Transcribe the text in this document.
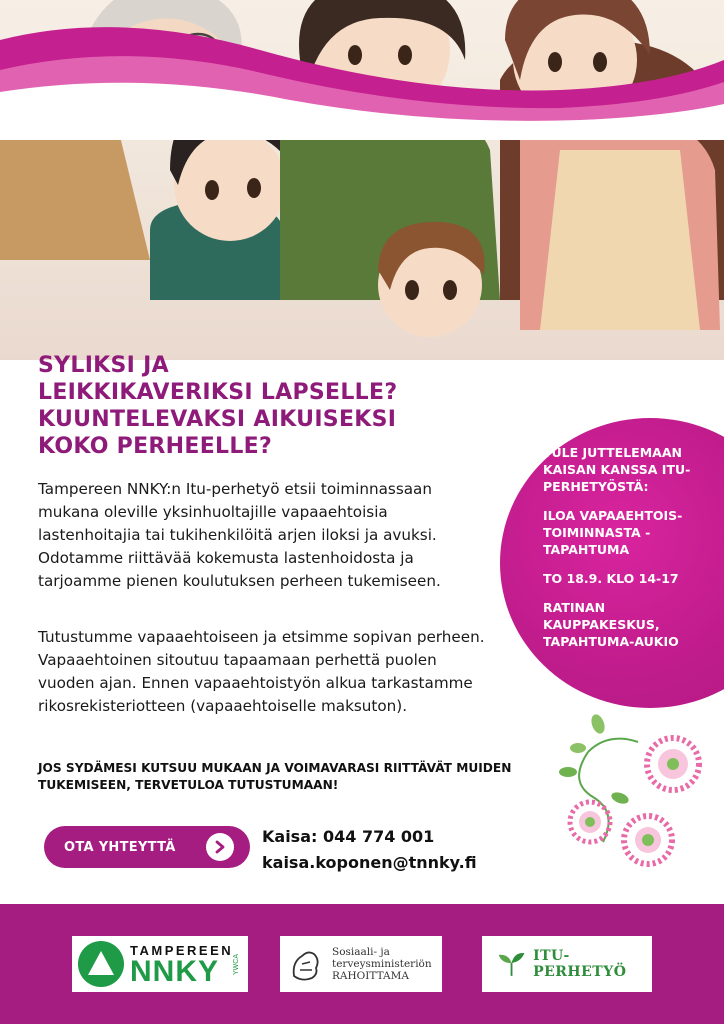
SYLIKSI JA
LEIKKIKAVERIKSI LAPSELLE?
KUUNTELEVAKSI AIKUISEKSI
KOKO PERHEELLE?

Tampereen NNKY:n Itu-perhetyö etsii toiminnassaan mukana oleville yksinhuoltajille vapaaehtoisia lastenhoitajia tai tukihenkilöitä arjen iloksi ja avuksi. Odotamme riittävää kokemusta lastenhoidosta ja tarjoamme pienen koulutuksen perheen tukemiseen.

Tutustumme vapaaehtoiseen ja etsimme sopivan perheen. Vapaaehtoinen sitoutuu tapaamaan perhettä puolen vuoden ajan. Ennen vapaaehtoistyön alkua tarkastamme rikosrekisteriotteen (vapaaehtoiselle maksuton).

JOS SYDÄMESI KUTSUU MUKAAN JA VOIMAVARASI RIITTÄVÄT MUIDEN TUKEMISEEN, TERVETULOA TUTUSTUMAAN!

TULE JUTTELEMAAN KAISAN KANSSA ITU-PERHETYÖSTÄ:
ILOA VAPAAEHTOIS- TOIMINNASTA -TAPAHTUMA
TO 18.9. KLO 14-17
RATINAN KAUPPAKESKUS, TAPAHTUMA-AUKIO
OTA YHTEYTTÄ
Kaisa: 044 774 001
kaisa.koponen@tnnky.fi
TAMPEREEN
NNKY	YWCA
Sosiaali- ja
terveysministeriön
RAHOITTAMA
ITU-PERHETYÖ
